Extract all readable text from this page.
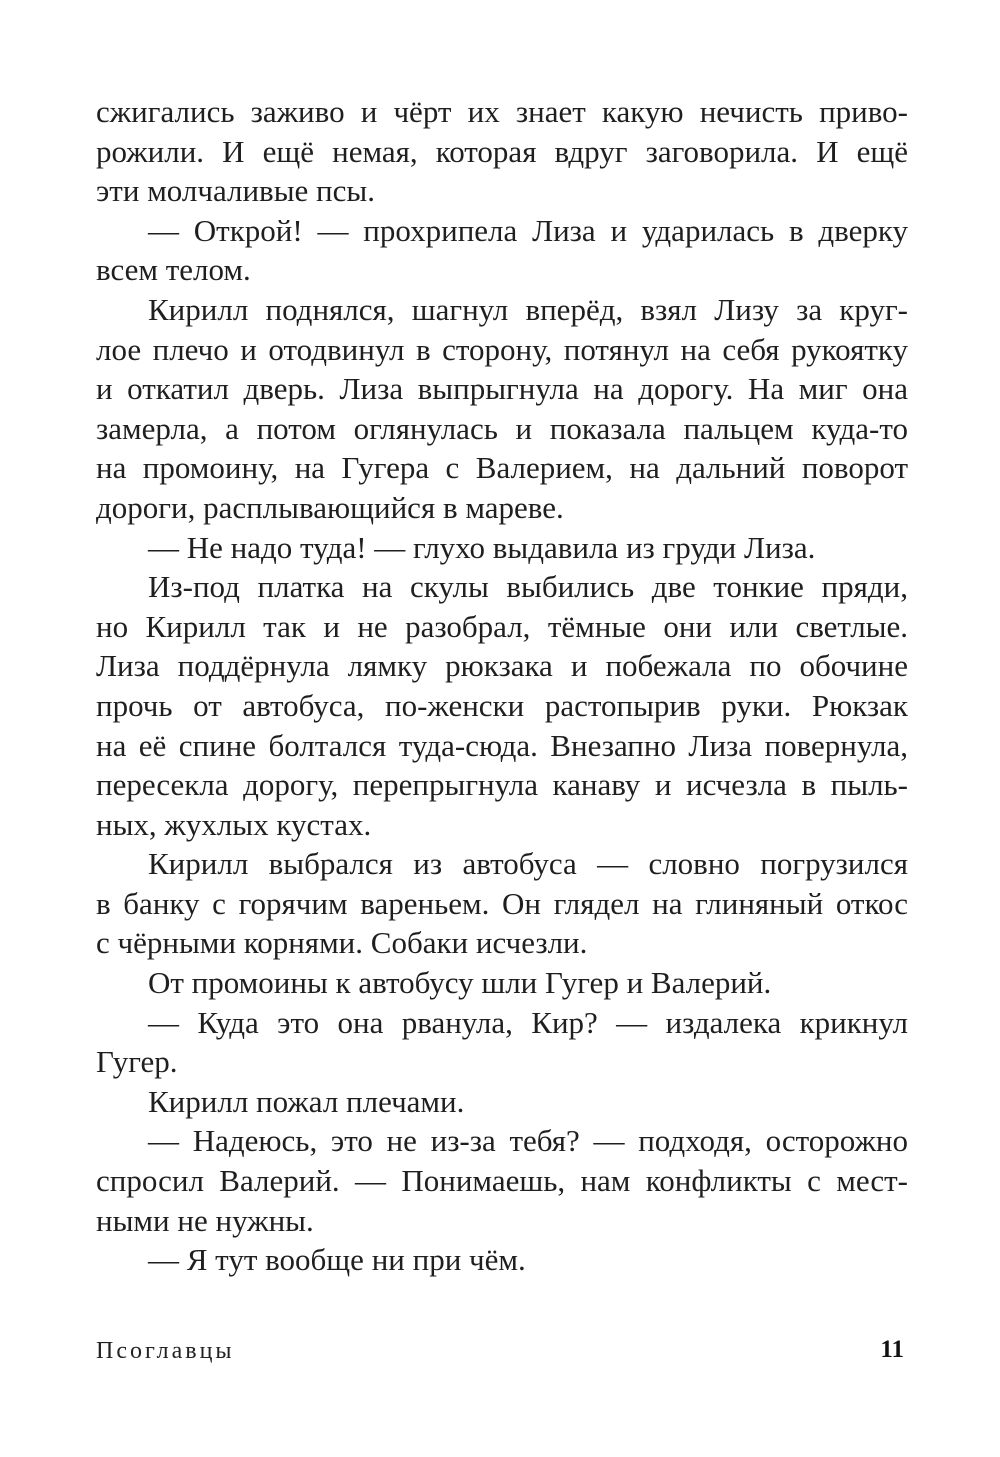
сжигались заживо и чёрт их знает какую нечисть приво-
рожили. И ещё немая, которая вдруг заговорила. И ещё
эти молчаливые псы.
— Открой! — прохрипела Лиза и ударилась в дверку
всем телом.
Кирилл поднялся, шагнул вперёд, взял Лизу за круг-
лое плечо и отодвинул в сторону, потянул на себя рукоятку
и откатил дверь. Лиза выпрыгнула на дорогу. На миг она
замерла, а потом оглянулась и показала пальцем куда-то
на промоину, на Гугера с Валерием, на дальний поворот
дороги, расплывающийся в мареве.
— Не надо туда! — глухо выдавила из груди Лиза.
Из-под платка на скулы выбились две тонкие пряди,
но Кирилл так и не разобрал, тёмные они или светлые.
Лиза поддёрнула лямку рюкзака и побежала по обочине
прочь от автобуса, по-женски растопырив руки. Рюкзак
на её спине болтался туда-сюда. Внезапно Лиза повернула,
пересекла дорогу, перепрыгнула канаву и исчезла в пыль-
ных, жухлых кустах.
Кирилл выбрался из автобуса — словно погрузился
в банку с горячим вареньем. Он глядел на глиняный откос
с чёрными корнями. Собаки исчезли.
От промоины к автобусу шли Гугер и Валерий.
— Куда это она рванула, Кир? — издалека крикнул
Гугер.
Кирилл пожал плечами.
— Надеюсь, это не из-за тебя? — подходя, осторожно
спросил Валерий. — Понимаешь, нам конфликты с мест-
ными не нужны.
— Я тут вообще ни при чём.
Псоглавцы	11
